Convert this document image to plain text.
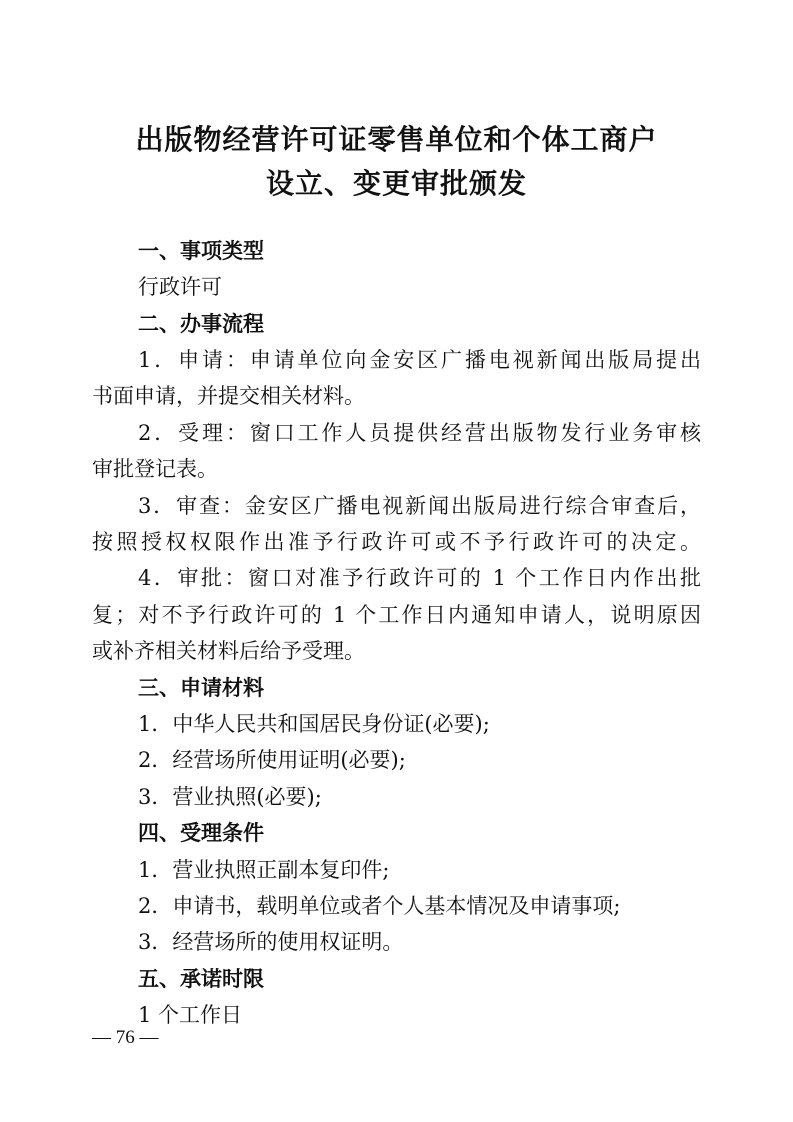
出版物经营许可证零售单位和个体工商户
设立、变更审批颁发
一、事项类型
行政许可
二、办事流程
1．申请：申请单位向金安区广播电视新闻出版局提出
书面申请，并提交相关材料。
2．受理：窗口工作人员提供经营出版物发行业务审核
审批登记表。
3．审查：金安区广播电视新闻出版局进行综合审查后，
按照授权权限作出准予行政许可或不予行政许可的决定。
4．审批：窗口对准予行政许可的 1 个工作日内作出批
复；对不予行政许可的 1 个工作日内通知申请人，说明原因
或补齐相关材料后给予受理。
三、申请材料
1．中华人民共和国居民身份证(必要);
2．经营场所使用证明(必要);
3．营业执照(必要);
四、受理条件
1．营业执照正副本复印件;
2．申请书，载明单位或者个人基本情况及申请事项;
3．经营场所的使用权证明。
五、承诺时限
1 个工作日
— 76 —
